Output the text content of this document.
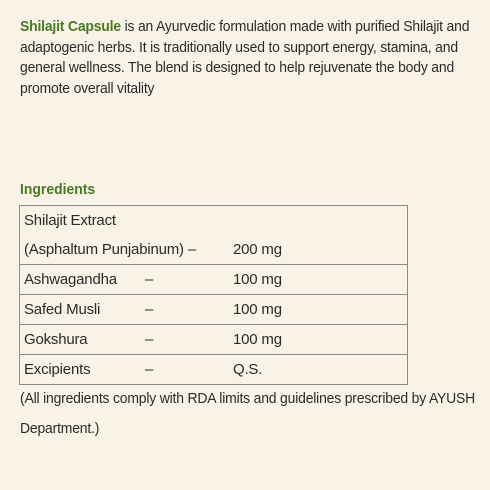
Shilajit Capsule is an Ayurvedic formulation made with purified Shilajit and adaptogenic herbs. It is traditionally used to support energy, stamina, and general wellness. The blend is designed to help rejuvenate the body and promote overall vitality
Ingredients
Shilajit Extract
(Asphaltum Punjabinum) –	200 mg

Ashwagandha	–	100 mg

Safed Musli	–	100 mg

Gokshura	–	100 mg

Excipients	–	Q.S.
(All ingredients comply with RDA limits and guidelines prescribed by AYUSH Department.)
